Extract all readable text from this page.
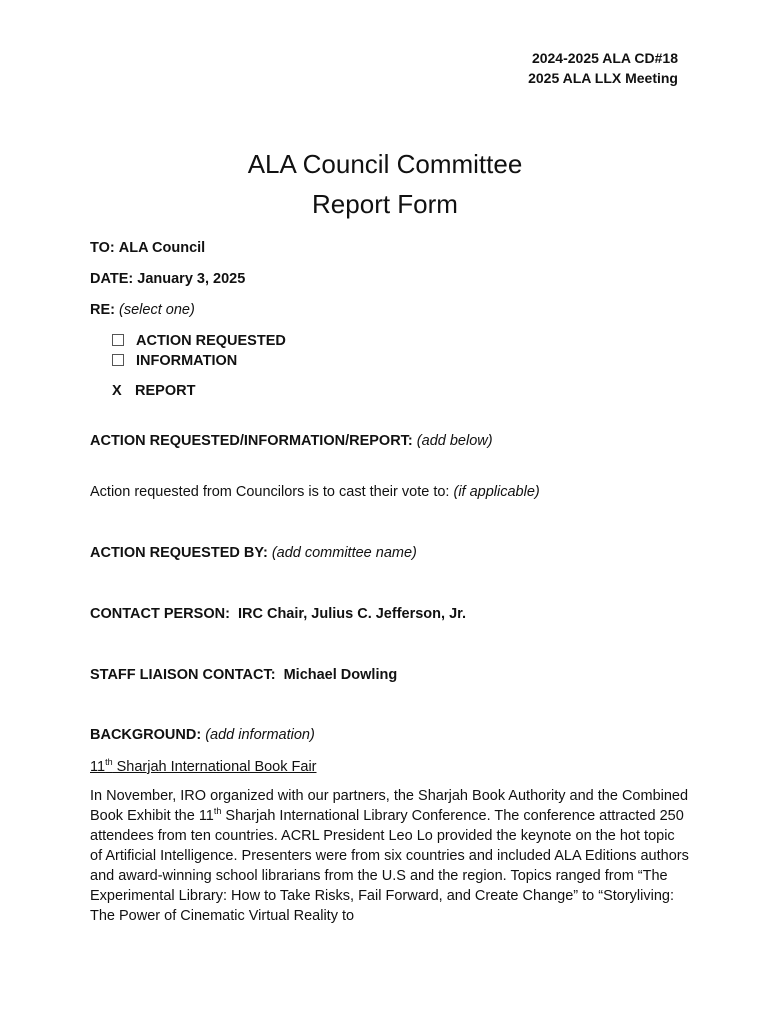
2024-2025 ALA CD#18
2025 ALA LLX Meeting
ALA Council Committee
Report Form
TO: ALA Council
DATE: January 3, 2025
RE: (select one)
ACTION REQUESTED
INFORMATION
X REPORT
ACTION REQUESTED/INFORMATION/REPORT: (add below)
Action requested from Councilors is to cast their vote to: (if applicable)
ACTION REQUESTED BY: (add committee name)
CONTACT PERSON: IRC Chair, Julius C. Jefferson, Jr.
STAFF LIAISON CONTACT: Michael Dowling
BACKGROUND: (add information)
11th Sharjah International Book Fair
In November, IRO organized with our partners, the Sharjah Book Authority and the Combined Book Exhibit the 11th Sharjah International Library Conference. The conference attracted 250 attendees from ten countries. ACRL President Leo Lo provided the keynote on the hot topic of Artificial Intelligence. Presenters were from six countries and included ALA Editions authors and award-winning school librarians from the U.S and the region. Topics ranged from “The Experimental Library: How to Take Risks, Fail Forward, and Create Change” to “Storyliving: The Power of Cinematic Virtual Reality to
